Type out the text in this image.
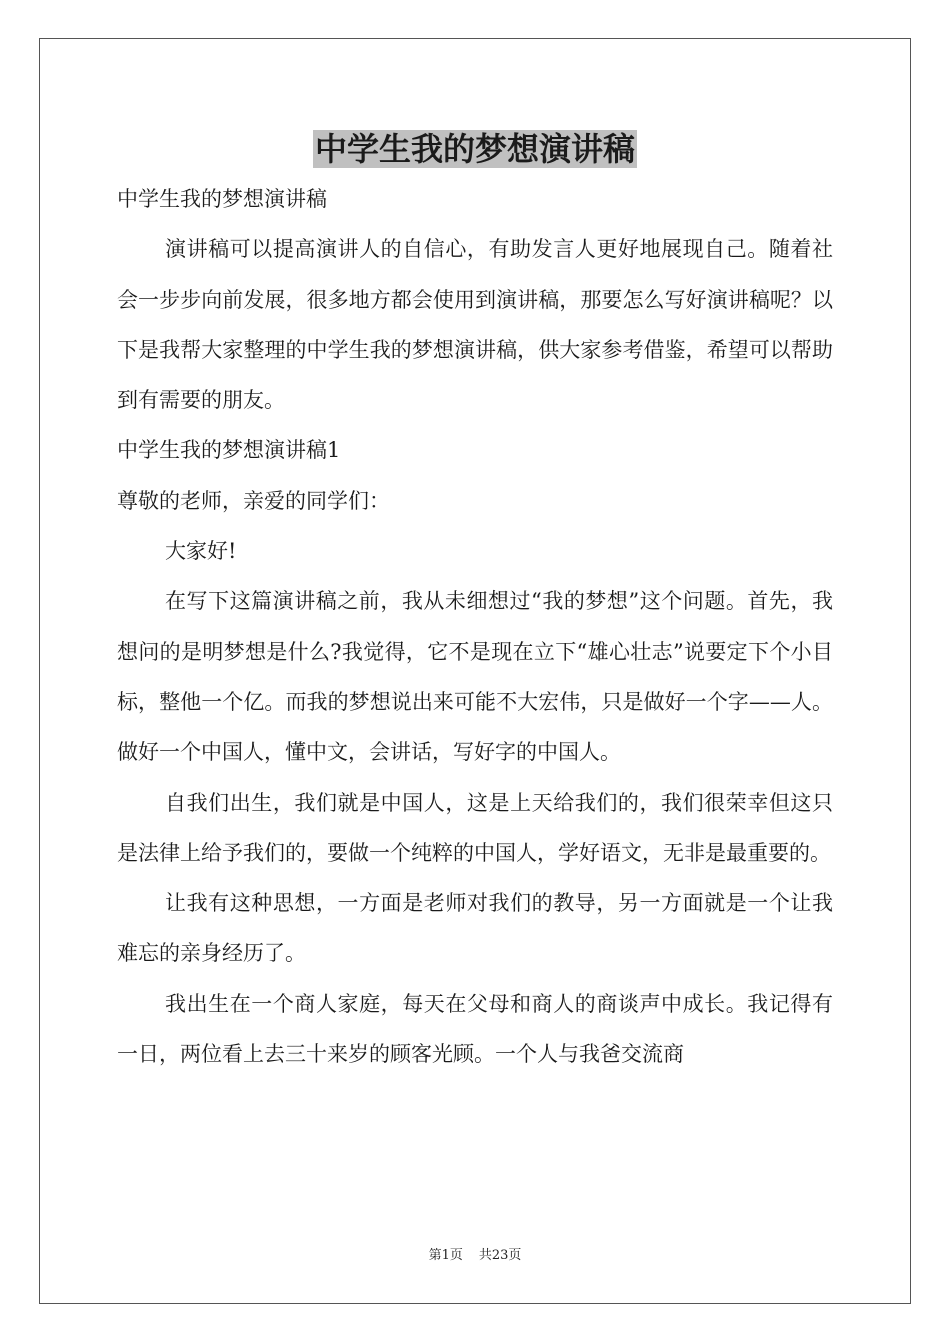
中学生我的梦想演讲稿

中学生我的梦想演讲稿

演讲稿可以提高演讲人的自信心，有助发言人更好地展现自己。随着社会一步步向前发展，很多地方都会使用到演讲稿，那要怎么写好演讲稿呢？以下是我帮大家整理的中学生我的梦想演讲稿，供大家参考借鉴，希望可以帮助到有需要的朋友。

中学生我的梦想演讲稿1

尊敬的老师，亲爱的同学们：

大家好!

在写下这篇演讲稿之前，我从未细想过“我的梦想”这个问题。首先，我想问的是明梦想是什么?我觉得，它不是现在立下“雄心壮志”说要定下个小目标，整他一个亿。而我的梦想说出来可能不大宏伟，只是做好一个字——人。做好一个中国人，懂中文，会讲话，写好字的中国人。

自我们出生，我们就是中国人，这是上天给我们的，我们很荣幸但这只是法律上给予我们的，要做一个纯粹的中国人，学好语文，无非是最重要的。

让我有这种思想，一方面是老师对我们的教导，另一方面就是一个让我难忘的亲身经历了。

我出生在一个商人家庭，每天在父母和商人的商谈声中成长。我记得有一日，两位看上去三十来岁的顾客光顾。一个人与我爸交流商

第1页 共23页
